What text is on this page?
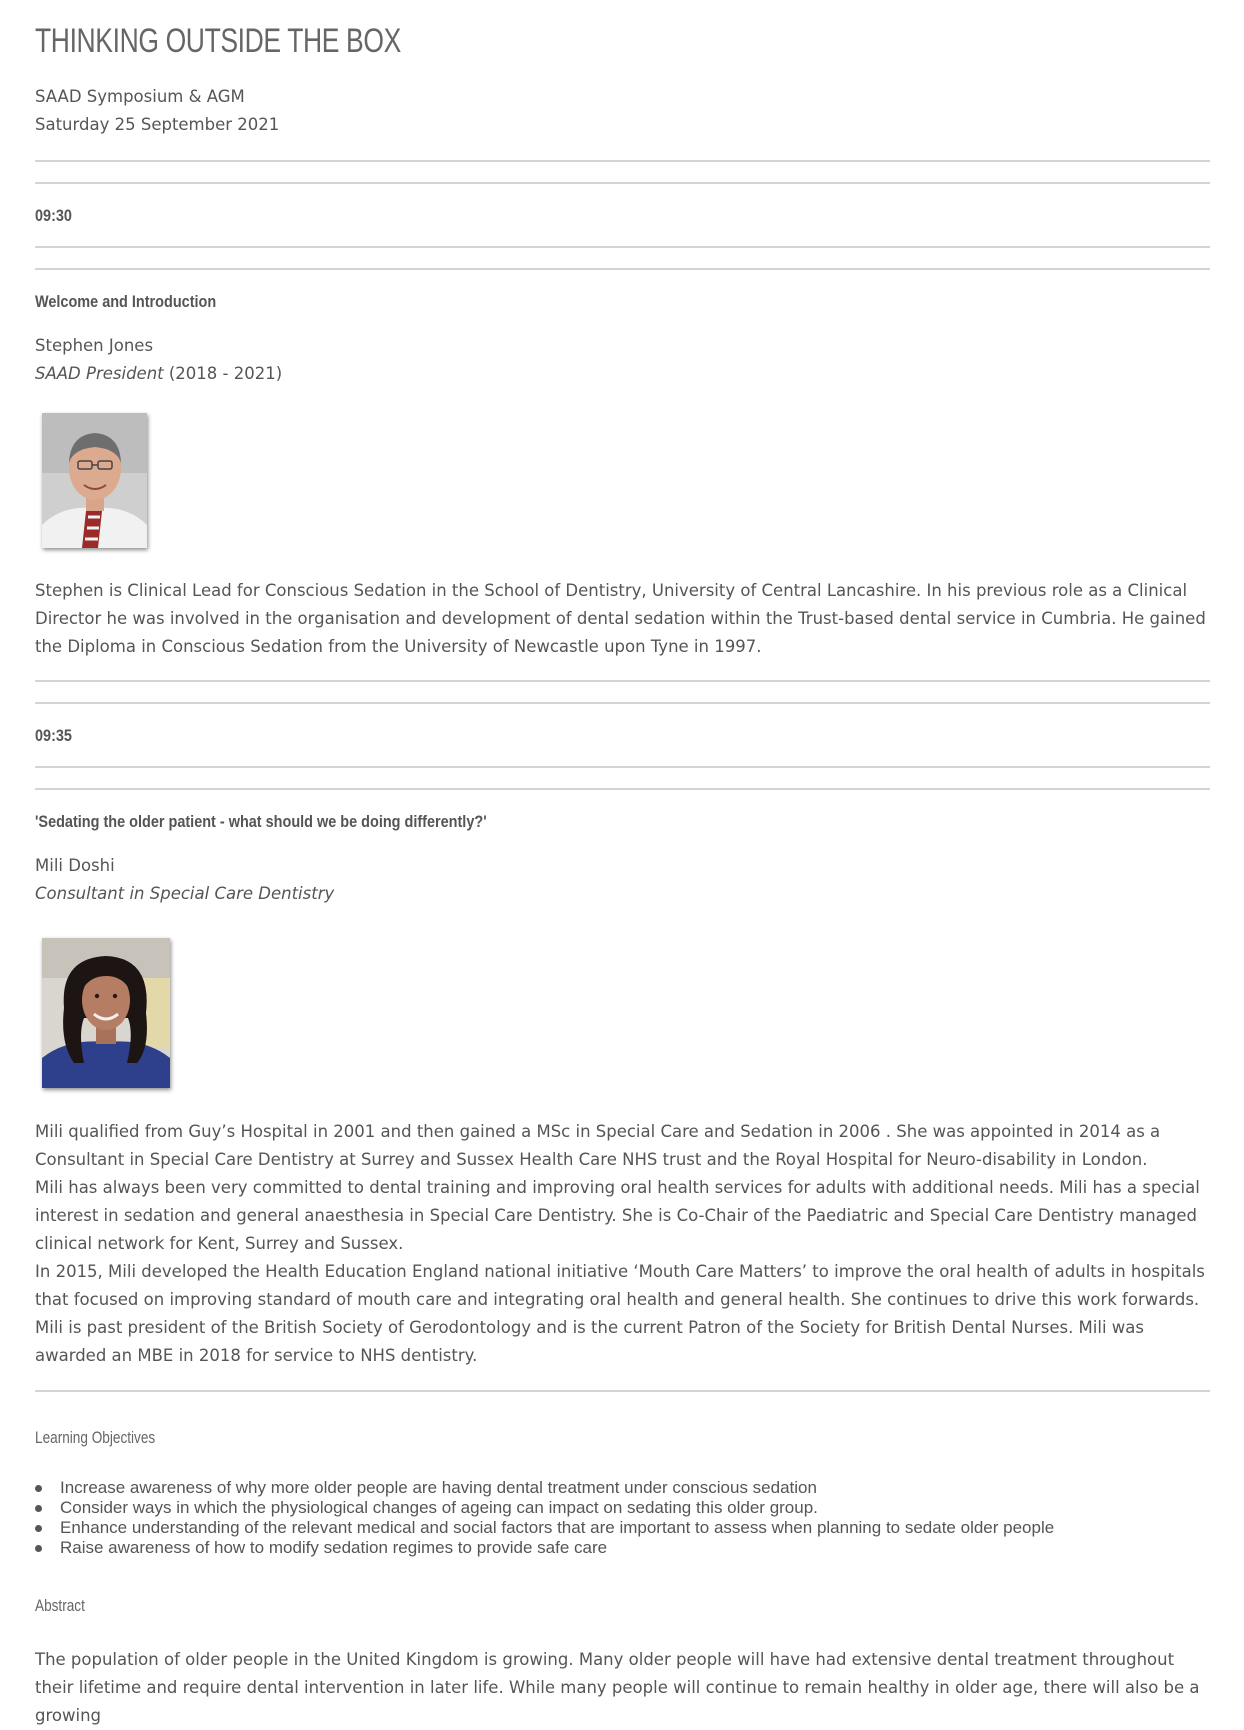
THINKING OUTSIDE THE BOX

SAAD Symposium & AGM

Saturday 25 September 2021

09:30

Welcome and Introduction

Stephen Jones

SAAD President (2018 - 2021)

Stephen is Clinical Lead for Conscious Sedation in the School of Dentistry, University of Central Lancashire. In his previous role as a Clinical Director he was involved in the organisation and development of dental sedation within the Trust-based dental service in Cumbria. He gained the Diploma in Conscious Sedation from the University of Newcastle upon Tyne in 1997.

09:35

'Sedating the older patient - what should we be doing differently?'

Mili Doshi

Consultant in Special Care Dentistry

Mili qualified from Guy’s Hospital in 2001 and then gained a MSc in Special Care and Sedation in 2006 . She was appointed in 2014 as a Consultant in Special Care Dentistry at Surrey and Sussex Health Care NHS trust and the Royal Hospital for Neuro-disability in London.

Mili has always been very committed to dental training and improving oral health services for adults with additional needs. Mili has a special interest in sedation and general anaesthesia in Special Care Dentistry. She is Co-Chair of the Paediatric and Special Care Dentistry managed clinical network for Kent, Surrey and Sussex.

In 2015, Mili developed the Health Education England national initiative ‘Mouth Care Matters’ to improve the oral health of adults in hospitals that focused on improving standard of mouth care and integrating oral health and general health. She continues to drive this work forwards.

Mili is past president of the British Society of Gerodontology and is the current Patron of the Society for British Dental Nurses. Mili was awarded an MBE in 2018 for service to NHS dentistry.

Learning Objectives
Increase awareness of why more older people are having dental treatment under conscious sedation
Consider ways in which the physiological changes of ageing can impact on sedating this older group.
Enhance understanding of the relevant medical and social factors that are important to assess when planning to sedate older people
Raise awareness of how to modify sedation regimes to provide safe care
Abstract

The population of older people in the United Kingdom is growing. Many older people will have had extensive dental treatment throughout their lifetime and require dental intervention in later life. While many people will continue to remain healthy in older age, there will also be a growing
